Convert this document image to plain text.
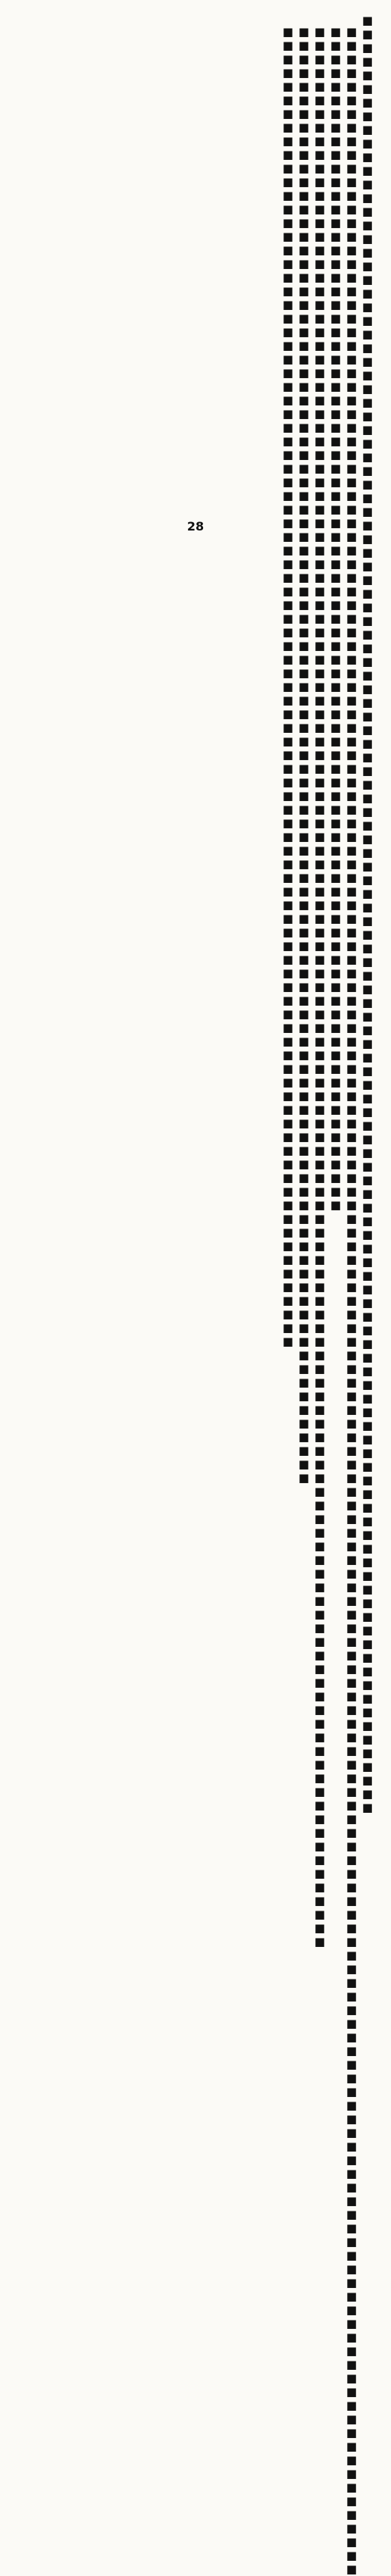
■■■■■■■■■■■■■■■■■■■■■■■■■■■■■■■■■■■■■■■■■■■■■■■■■■■■■■■■■■■■■■■■■■■■■■■■■■■■■■■■■■■■■■■■■■■■■■■■■■■■■■■■■■■■■■■■■■■■■■■■■■■■■■■■■■■■

■■■■■■■■■■■■■■■■■■■■■■■■■■■■■■■■■■■■■■■■■■■■■■■■■■■■■■■■■■■■■■■■■■■■■■■■■■■■■■■■■■■■■■■■■■■■■■■■■■■■■■■■■■■■■■■■■■■■■■■■■■■■■■■■■■■■■■■■■■■■■■■■■■■■■■■■■■■■■■■■■■■■■■■■■■■■■■■■■■■■■■■■■■■

■■■■■■■■■■■■■■■■■■■■■■■■■■■■■■■■■■■■■■■■■■■■■■■■■■■■■■■■■■■■■■■■■■■■■■■■■■■■■■■■■■■■■■■

■■■■■■■■■■■■■■■■■■■■■■■■■■■■■■■■■■■■■■■■■■■■■■■■■■■■■■■■■■■■■■■■■■■■■■■■■■■■■■■■■■■■■■■■■■■■■■■■■■■■■■■■■■■■■■■■■■■■■■■■■■■■■■■■■■■■■■■■■■■■■

■■■■■■■■■■■■■■■■■■■■■■■■■■■■■■■■■■■■■■■■■■■■■■■■■■■■■■■■■■■■■■■■■■■■■■■■■■■■■■■■■■■■■■■■■■■■■■■■■■■■■■■■■■■

■■■■■■■■■■■■■■■■■■■■■■■■■■■■■■■■■■■■■■■■■■■■■■■■■■■■■■■■■■■■■■■■■■■■■■■■■■■■■■■■■■■■■■■■■■■■■■■■■

28
